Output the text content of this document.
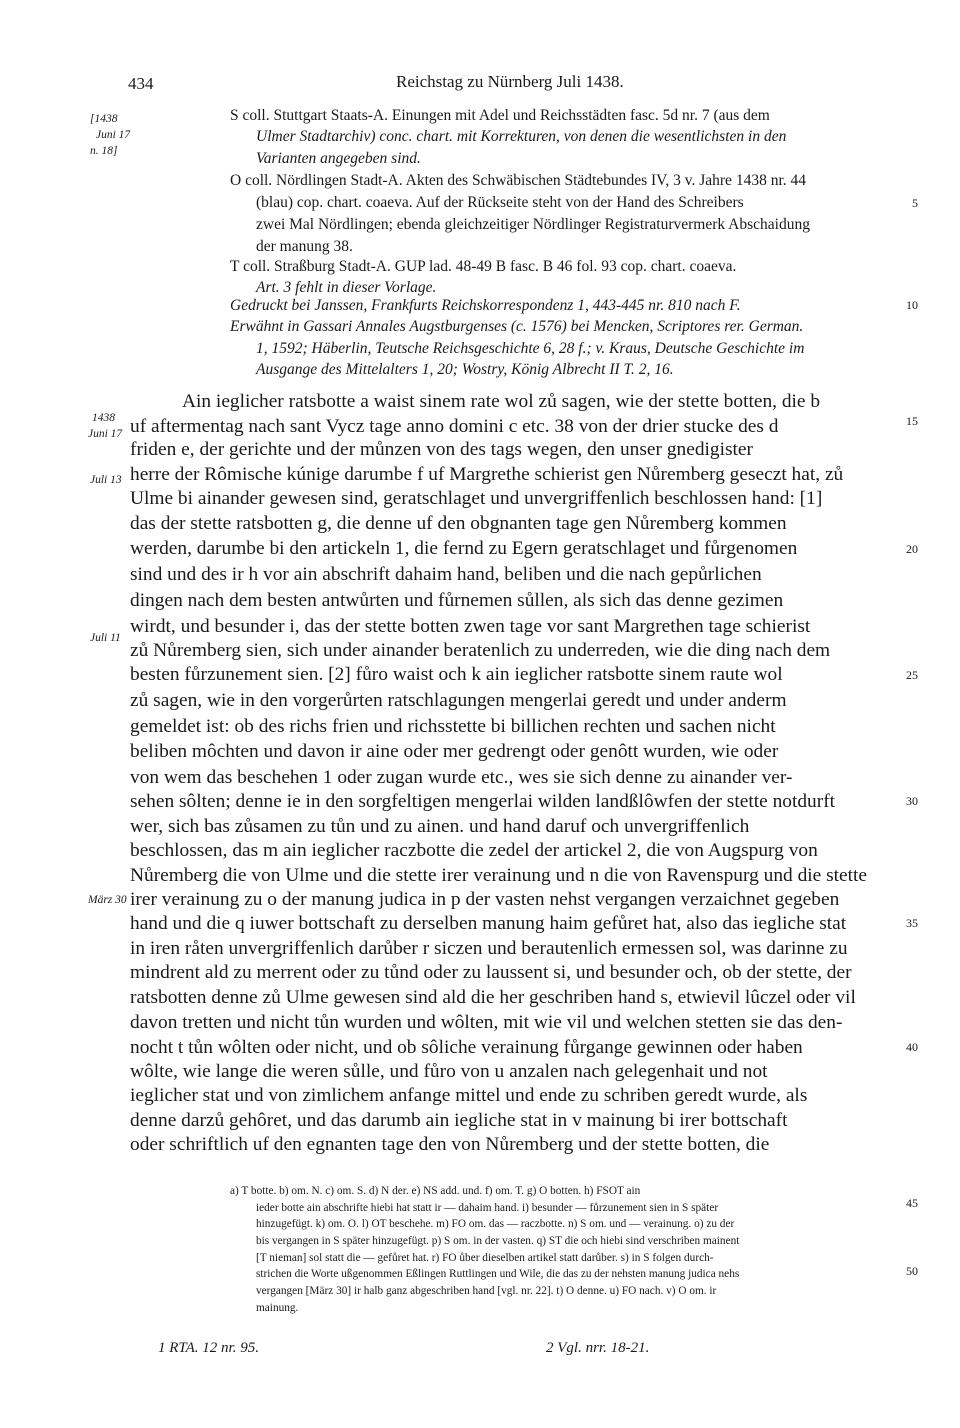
434	Reichstag zu Nürnberg Juli 1438.
[1438
Juni 17
n. 18]
1438
Juni 17
Juli 13
Juli 11
März 30
S coll. Stuttgart Staats-A. Einungen mit Adel und Reichsstädten fasc. 5d nr. 7 (aus dem
Ulmer Stadtarchiv) conc. chart. mit Korrekturen, von denen die wesentlichsten in den
Varianten angegeben sind.
O coll. Nördlingen Stadt-A. Akten des Schwäbischen Städtebundes IV, 3 v. Jahre 1438 nr. 44
(blau) cop. chart. coaeva. Auf der Rückseite steht von der Hand des Schreibers
zwei Mal Nördlingen; ebenda gleichzeitiger Nördlinger Registraturvermerk Abschaidung
der manung 38.
T coll. Straßburg Stadt-A. GUP lad. 48-49 B fasc. B 46 fol. 93 cop. chart. coaeva.
Art. 3 fehlt in dieser Vorlage.
Gedruckt bei Janssen, Frankfurts Reichskorrespondenz 1, 443-445 nr. 810 nach F.
Erwähnt in Gassari Annales Augstburgenses (c. 1576) bei Mencken, Scriptores rer. German.
1, 1592; Häberlin, Teutsche Reichsgeschichte 6, 28 f.; v. Kraus, Deutsche Geschichte im
Ausgange des Mittelalters 1, 20; Wostry, König Albrecht II T. 2, 16.
Ain ieglicher ratsbotte a waist sinem rate wol zů sagen, wie der stette botten, die b
uf aftermentag nach sant Vycz tage anno domini c etc. 38 von der drier stucke des d
friden e, der gerichte und der můnzen von des tags wegen, den unser gnedigister
herre der Rômische kúnige darumbe f uf Margrethe schierist gen Nůremberg geseczt hat, zů
Ulme bi ainander gewesen sind, geratschlaget und unvergriffenlich beschlossen hand: [1]
das der stette ratsbotten g, die denne uf den obgnanten tage gen Nůremberg kommen
werden, darumbe bi den artickeln 1, die fernd zu Egern geratschlaget und fůrgenomen
sind und des ir h vor ain abschrift dahaim hand, beliben und die nach gepůrlichen
dingen nach dem besten antwůrten und fůrnemen sůllen, als sich das denne gezimen
wirdt, und besunder i, das der stette botten zwen tage vor sant Margrethen tage schierist
zů Nůremberg sien, sich under ainander beratenlich zu underreden, wie die ding nach dem
besten fůrzunement sien. [2] fůro waist och k ain ieglicher ratsbotte sinem raute wol
zů sagen, wie in den vorgerůrten ratschlagungen mengerlai geredt und under anderm
gemeldet ist: ob des richs frien und richsstette bi billichen rechten und sachen nicht
beliben môchten und davon ir aine oder mer gedrengt oder genôtt wurden, wie oder
von wem das beschehen 1 oder zugan wurde etc., wes sie sich denne zu ainander ver-
sehen sôlten; denne ie in den sorgfeltigen mengerlai wilden landßlôwfen der stette notdurft
wer, sich bas zůsamen zu tůn und zu ainen. und hand daruf och unvergriffenlich
beschlossen, das m ain ieglicher raczbotte die zedel der artickel 2, die von Augspurg von
Nůremberg die von Ulme und die stette irer verainung und n die von Ravenspurg und die stette
irer verainung zu o der manung judica in p der vasten nehst vergangen verzaichnet gegeben
hand und die q iuwer bottschaft zu derselben manung haim gefůret hat, also das iegliche stat
in iren råten unvergriffenlich darůber r siczen und berautenlich ermessen sol, was darinne zu
mindrent ald zu merrent oder zu tůnd oder zu laussent si, und besunder och, ob der stette, der
ratsbotten denne zů Ulme gewesen sind ald die her geschriben hand s, etwievil lûczel oder vil
davon tretten und nicht tůn wurden und wôlten, mit wie vil und welchen stetten sie das den-
nocht t tůn wôlten oder nicht, und ob sôliche verainung fůrgange gewinnen oder haben
wôlte, wie lange die weren sůlle, und fůro von u anzalen nach gelegenhait und not
ieglicher stat und von zimlichem anfange mittel und ende zu schriben geredt wurde, als
denne darzů gehôret, und das darumb ain iegliche stat in v mainung bi irer bottschaft
oder schriftlich uf den egnanten tage den von Nůremberg und der stette botten, die
5
10
15
20
25
30
35
40
45
50
a) T botte. b) om. N. c) om. S. d) N der. e) NS add. und. f) om. T. g) O botten. h) FSOT ain
ieder botte ain abschrifte hiebi hat statt ir — dahaim hand. i) besunder — fůrzunement sien in S später
hinzugefügt. k) om. O. l) OT beschehe. m) FO om. das — raczbotte. n) S om. und — verainung. o) zu der
bis vergangen in S später hinzugefügt. p) S om. in der vasten. q) ST die och hiebi sind verschriben mainent
[T nieman] sol statt die — gefůret hat. r) FO ůber dieselben artikel statt darůber. s) in S folgen durch-
strichen die Worte ußgenommen Eßlingen Ruttlingen und Wile, die das zu der nehsten manung judica nehs
vergangen [März 30] ir halb ganz abgeschriben hand [vgl. nr. 22]. t) O denne. u) FO nach. v) O om. ir
mainung.
1 RTA. 12 nr. 95.	2 Vgl. nrr. 18-21.
